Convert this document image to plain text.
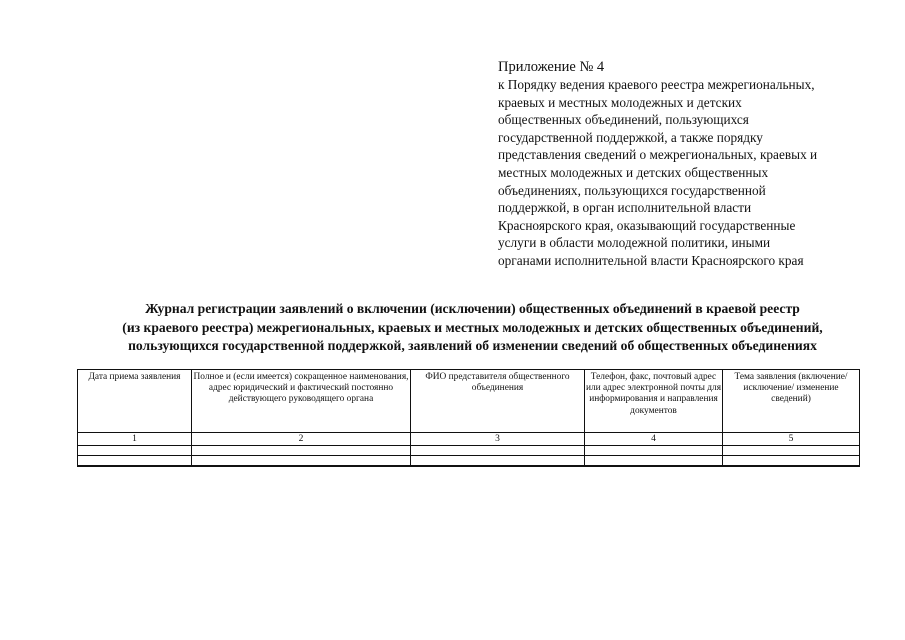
Приложение № 4

к Порядку ведения краевого реестра межрегиональных,
краевых и местных молодежных и детских
общественных объединений, пользующихся
государственной поддержкой, а также порядку
представления сведений о межрегиональных, краевых и
местных молодежных и детских общественных
объединениях, пользующихся государственной
поддержкой, в орган исполнительной власти
Красноярского края, оказывающий государственные
услуги в области молодежной политики, иными
органами исполнительной власти Красноярского края
Журнал регистрации заявлений о включении (исключении) общественных объединений в краевой реестр
(из краевого реестра) межрегиональных, краевых и местных молодежных и детских общественных объединений,
пользующихся государственной поддержкой, заявлений об изменении сведений об общественных объединениях
Дата приема заявления	Полное и (если имеется) сокращенное наименования, адрес юридический и фактический постоянно действующего руководящего органа	ФИО представителя общественного объединения	Телефон, факс, почтовый адрес или адрес электронной почты для информирования и направления документов	Тема заявления (включение/исключение/ изменение сведений)
1	2	3	4	5
